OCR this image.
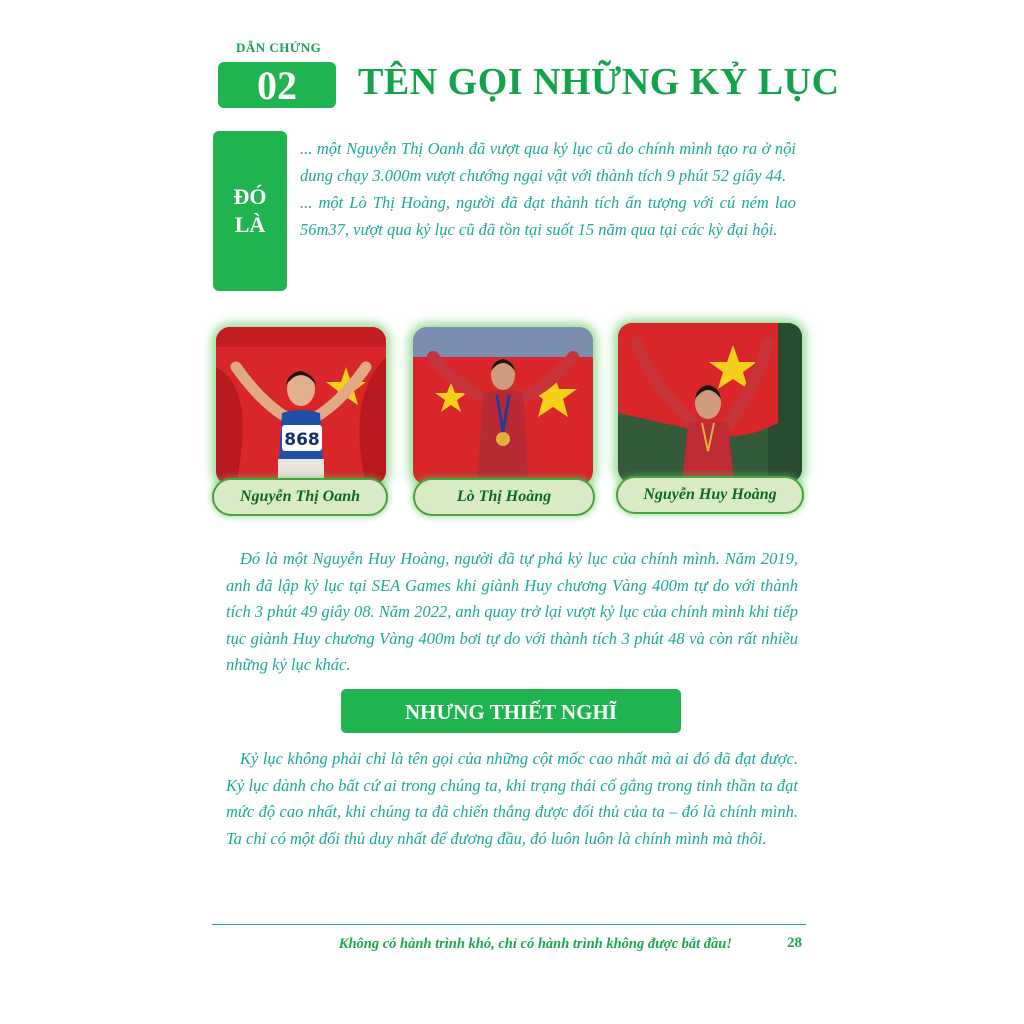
DẪN CHỨNG
02	TÊN GỌI NHỮNG KỶ LỤC
ĐÓ
LÀ

... một Nguyễn Thị Oanh đã vượt qua kỷ lục cũ do chính mình tạo ra ở nội dung chạy 3.000m vượt chướng ngại vật với thành tích 9 phút 52 giây 44.

... một Lò Thị Hoàng, người đã đạt thành tích ấn tượng với cú ném lao 56m37, vượt qua kỷ lục cũ đã tồn tại suốt 15 năm qua tại các kỳ đại hội.

868
Nguyễn Thị Oanh	Lò Thị Hoàng	Nguyễn Huy Hoàng

Đó là một Nguyễn Huy Hoàng, người đã tự phá kỷ lục của chính mình. Năm 2019, anh đã lập kỷ lục tại SEA Games khi giành Huy chương Vàng 400m tự do với thành tích 3 phút 49 giây 08. Năm 2022, anh quay trở lại vượt kỷ lục của chính mình khi tiếp tục giành Huy chương Vàng 400m bơi tự do với thành tích 3 phút 48 và còn rất nhiều những kỷ lục khác.

NHƯNG THIẾT NGHĨ

Kỷ lục không phải chỉ là tên gọi của những cột mốc cao nhất mà ai đó đã đạt được. Kỷ lục dành cho bất cứ ai trong chúng ta, khi trạng thái cố gắng trong tinh thần ta đạt mức độ cao nhất, khi chúng ta đã chiến thắng được đối thủ của ta – đó là chính mình. Ta chỉ có một đối thủ duy nhất để đương đầu, đó luôn luôn là chính mình mà thôi.

Không có hành trình khó, chỉ có hành trình không được bắt đầu!	28
